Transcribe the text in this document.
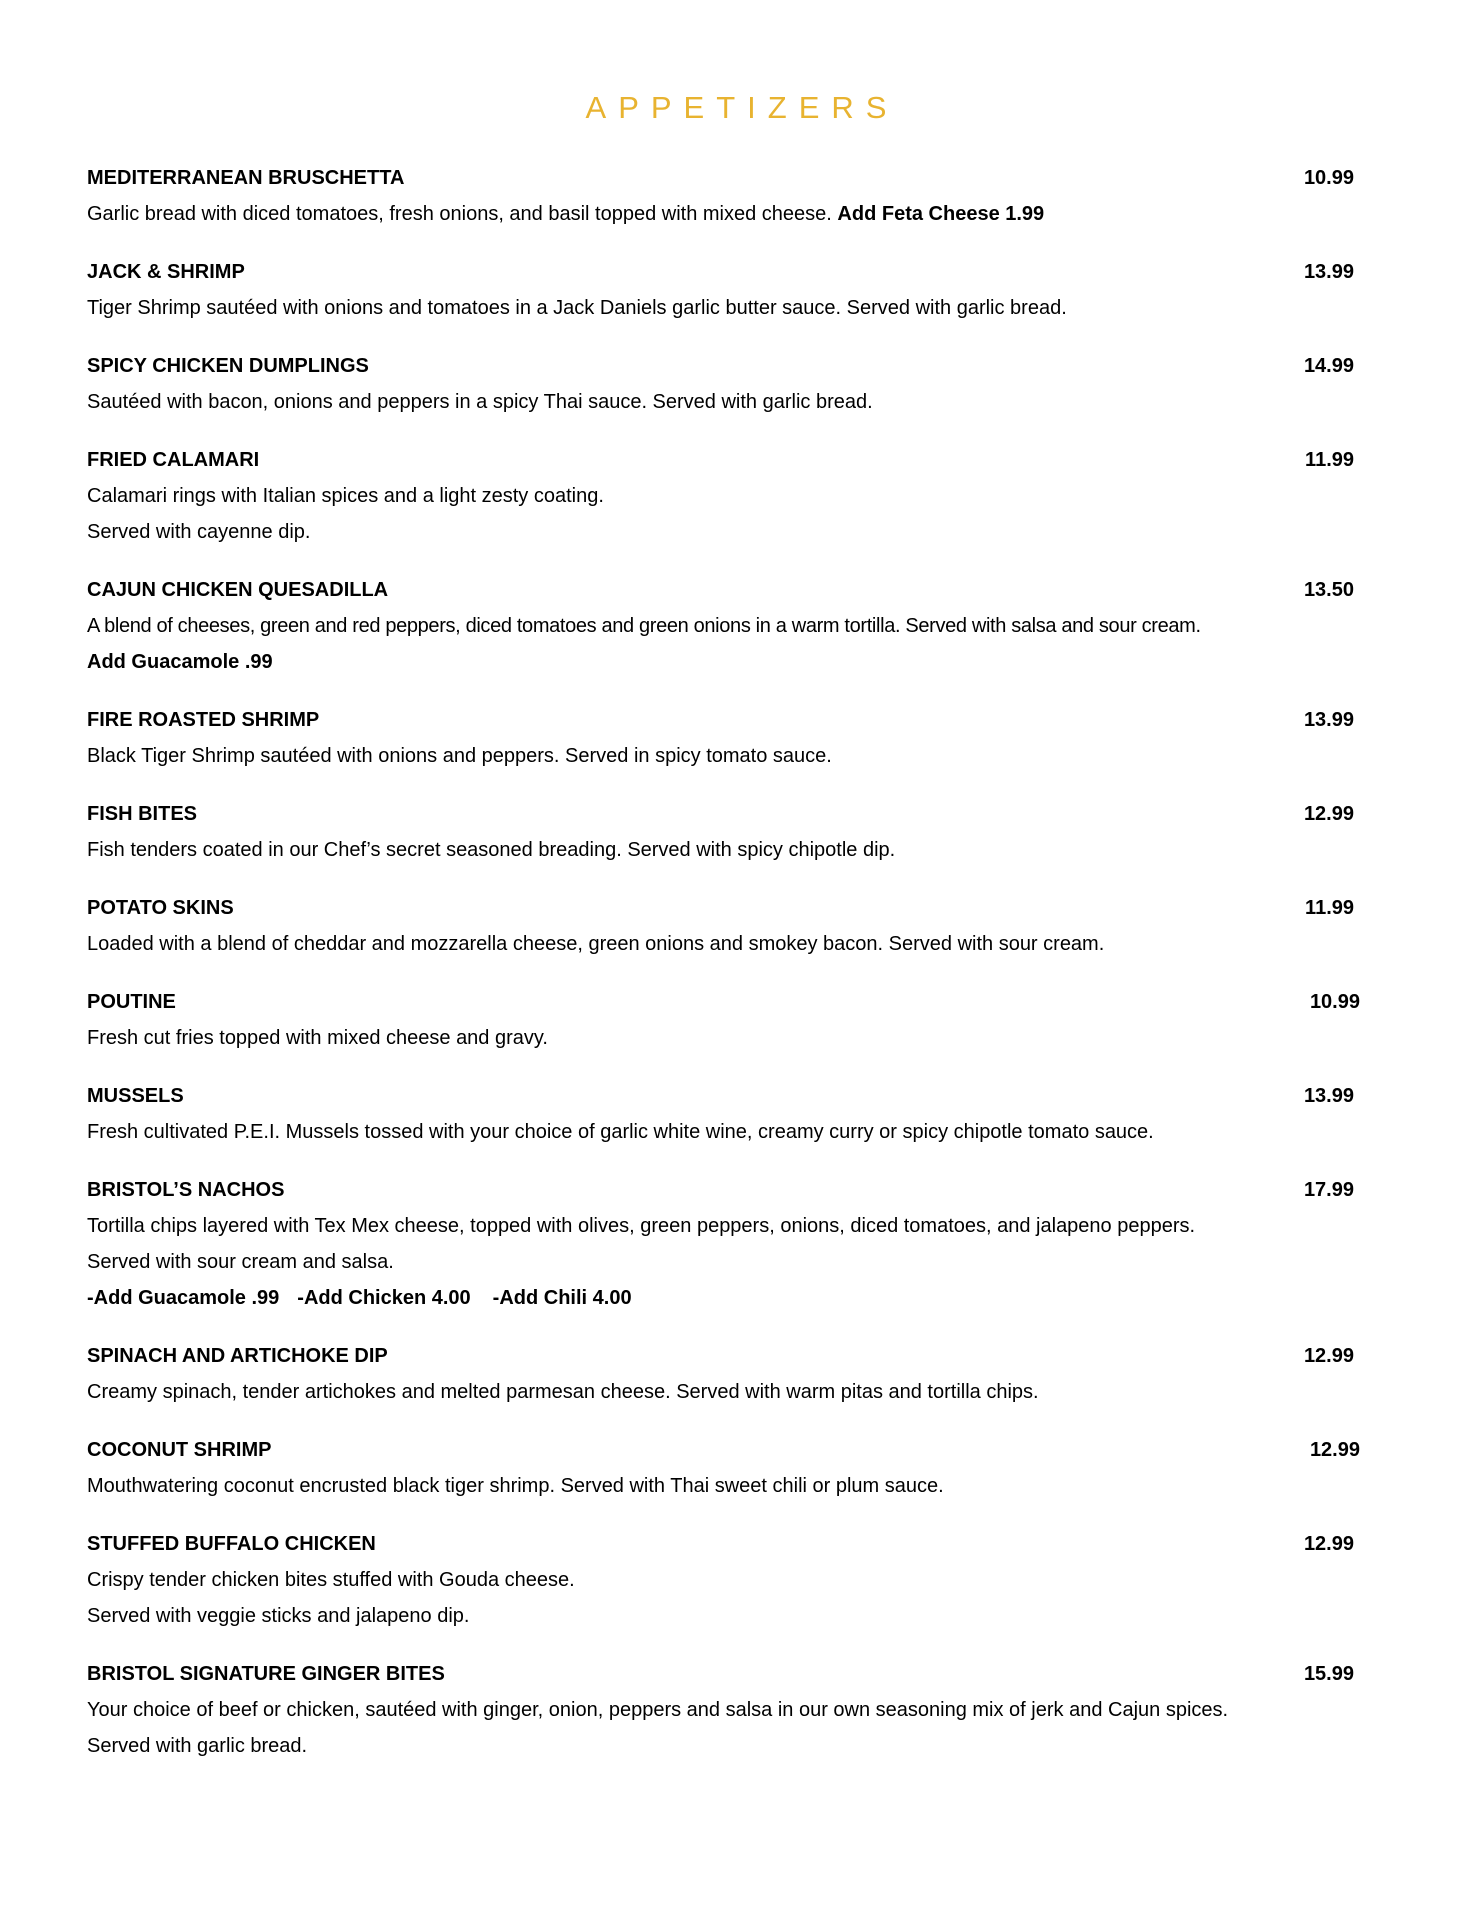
APPETIZERS
MEDITERRANEAN BRUSCHETTA	10.99
Garlic bread with diced tomatoes, fresh onions, and basil topped with mixed cheese. Add Feta Cheese 1.99
JACK & SHRIMP	13.99
Tiger Shrimp sautéed with onions and tomatoes in a Jack Daniels garlic butter sauce. Served with garlic bread.
SPICY CHICKEN DUMPLINGS	14.99
Sautéed with bacon, onions and peppers in a spicy Thai sauce. Served with garlic bread.
FRIED CALAMARI	11.99
Calamari rings with Italian spices and a light zesty coating.
Served with cayenne dip.
CAJUN CHICKEN QUESADILLA	13.50
A blend of cheeses, green and red peppers, diced tomatoes and green onions in a warm tortilla. Served with salsa and sour cream.
Add Guacamole .99
FIRE ROASTED SHRIMP	13.99
Black Tiger Shrimp sautéed with onions and peppers. Served in spicy tomato sauce.
FISH BITES	12.99
Fish tenders coated in our Chef’s secret seasoned breading. Served with spicy chipotle dip.
POTATO SKINS	11.99
Loaded with a blend of cheddar and mozzarella cheese, green onions and smokey bacon. Served with sour cream.
POUTINE	10.99
Fresh cut fries topped with mixed cheese and gravy.
MUSSELS	13.99
Fresh cultivated P.E.I. Mussels tossed with your choice of garlic white wine, creamy curry or spicy chipotle tomato sauce.
BRISTOL’S NACHOS	17.99
Tortilla chips layered with Tex Mex cheese, topped with olives, green peppers, onions, diced tomatoes, and jalapeno peppers.
Served with sour cream and salsa.
-Add Guacamole .99 -Add Chicken 4.00 -Add Chili 4.00
SPINACH AND ARTICHOKE DIP	12.99
Creamy spinach, tender artichokes and melted parmesan cheese. Served with warm pitas and tortilla chips.
COCONUT SHRIMP	12.99
Mouthwatering coconut encrusted black tiger shrimp. Served with Thai sweet chili or plum sauce.
STUFFED BUFFALO CHICKEN	12.99
Crispy tender chicken bites stuffed with Gouda cheese.
Served with veggie sticks and jalapeno dip.
BRISTOL SIGNATURE GINGER BITES	15.99
Your choice of beef or chicken, sautéed with ginger, onion, peppers and salsa in our own seasoning mix of jerk and Cajun spices.
Served with garlic bread.
